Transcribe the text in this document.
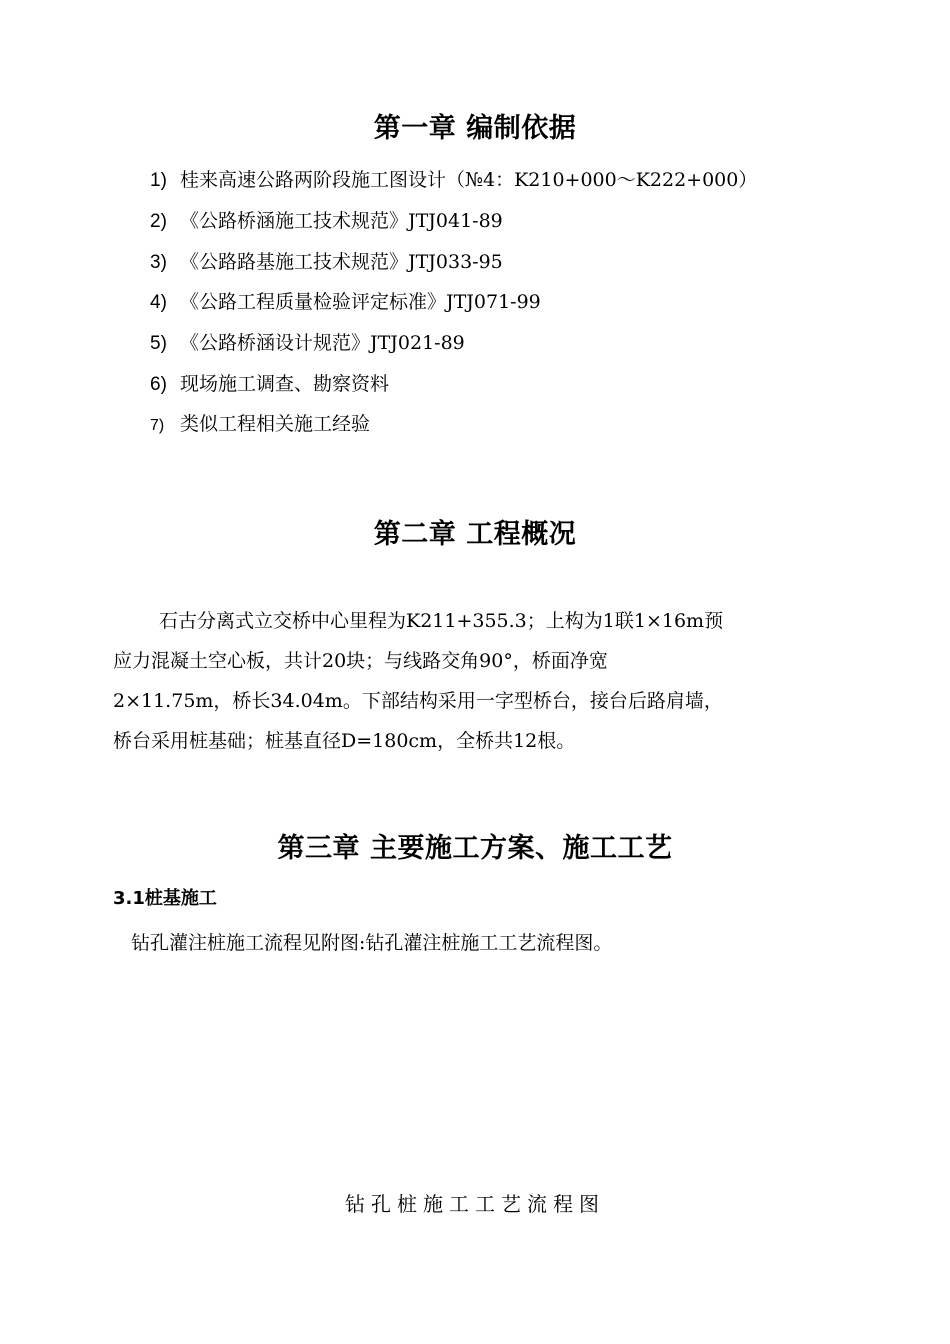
第一章 编制依据
1) 桂来高速公路两阶段施工图设计（№4：K210+000～K222+000）
2) 《公路桥涵施工技术规范》JTJ041-89
3) 《公路路基施工技术规范》JTJ033-95
4) 《公路工程质量检验评定标准》JTJ071-99
5) 《公路桥涵设计规范》JTJ021-89
6) 现场施工调查、勘察资料
7) 类似工程相关施工经验
第二章 工程概况

石古分离式立交桥中心里程为K211+355.3；上构为1联1×16m预

应力混凝土空心板，共计20块；与线路交角90°，桥面净宽

2×11.75m，桥长34.04m。下部结构采用一字型桥台，接台后路肩墙，

桥台采用桩基础；桩基直径D=180cm，全桥共12根。

第三章 主要施工方案、施工工艺
3.1桩基施工
钻孔灌注桩施工流程见附图:钻孔灌注桩施工工艺流程图。
钻孔桩施工工艺流程图
